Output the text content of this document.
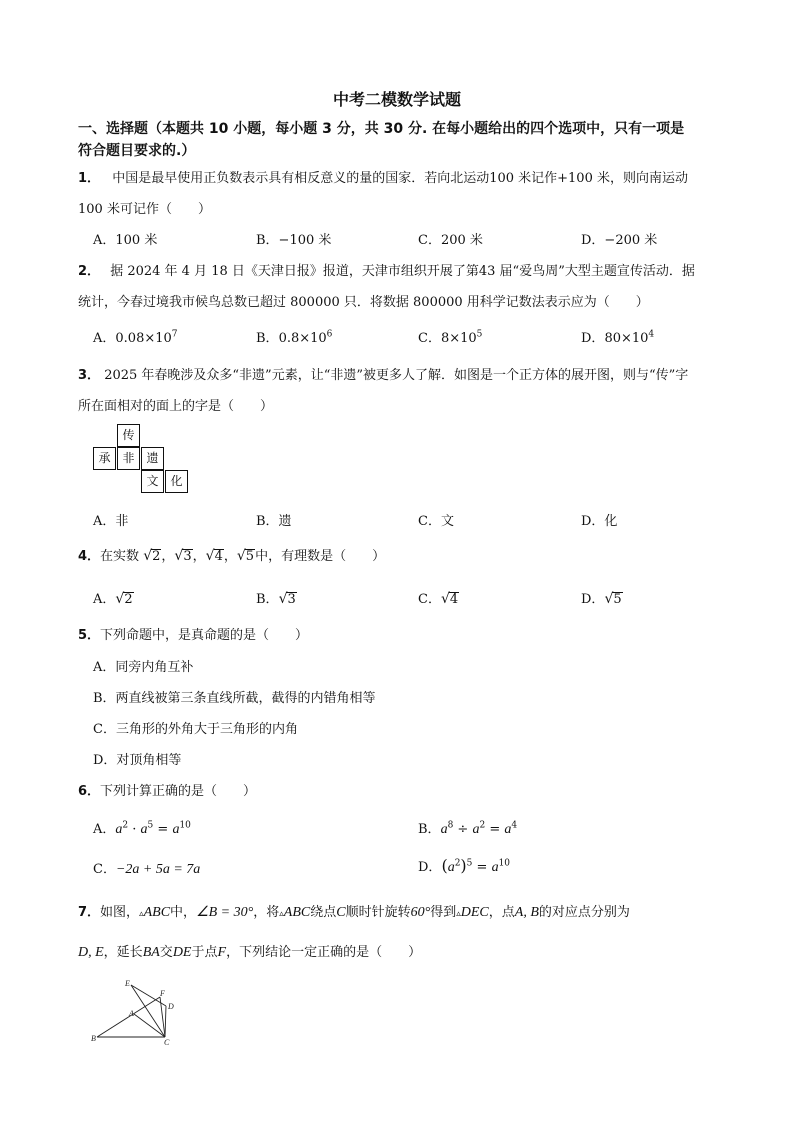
中考二模数学试题
一、选择题（本题共 10 小题，每小题 3 分，共 30 分. 在每小题给出的四个选项中，只有一项是
符合题目要求的.）
1． 中国是最早使用正负数表示具有相反意义的量的国家．若向北运动100 米记作+100 米，则向南运动
100 米可记作（　　）
A．100 米	B．−100 米	C．200 米	D．−200 米
2． 据 2024 年 4 月 18 日《天津日报》报道，天津市组织开展了第43 届“爱鸟周”大型主题宣传活动．据
统计，今春过境我市候鸟总数已超过 800000 只．将数据 800000 用科学记数法表示应为（　　）
A．$0.08\times 10^7$	B．$0.8\times 10^6$	C．$8\times 10^5$	D．$80\times 10^4$
3． 2025 年春晚涉及众多“非遗”元素，让“非遗”被更多人了解．如图是一个正方体的展开图，则与“传”字
所在面相对的面上的字是（　　）
传
承 非 遗
文 化
A．非	B．遗	C．文	D．化
4．在实数 √2，√3，√4，√5中，有理数是（　　）
A．√2	B．√3	C．√4	D．√5
5．下列命题中，是真命题的是（　　）
A．同旁内角互补
B．两直线被第三条直线所截，截得的内错角相等
C．三角形的外角大于三角形的内角
D．对顶角相等
6．下列计算正确的是（　　）
A．$a^2 \cdot a^5 = a^{10}$	B．$a^8 \div a^2 = a^4$
C．−2a + 5a = 7a	D．$(a^2)^5 = a^{10}$
7．如图，▵ABC中，∠B = 30°，将▵ABC绕点C顺时针旋转60°得到▵DEC，点A, B的对应点分别为
D, E，延长BA交DE于点F，下列结论一定正确的是（　　）
E
F
D
A
B	C
